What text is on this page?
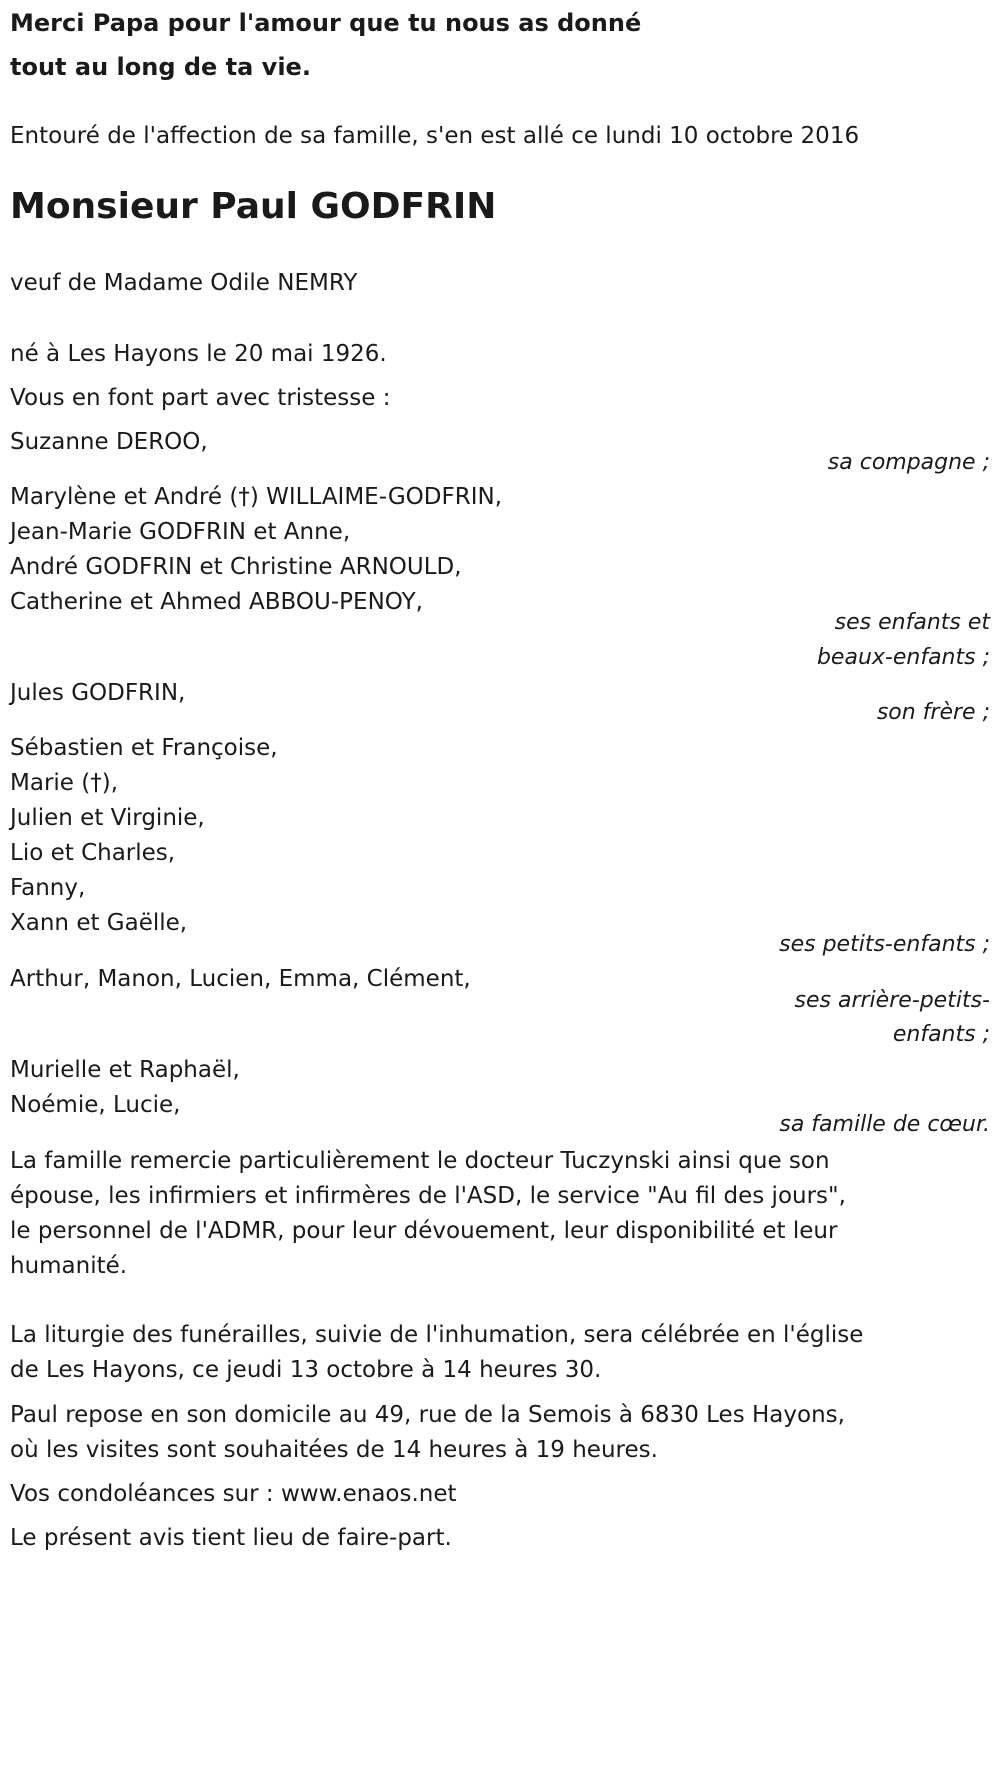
Merci Papa pour l'amour que tu nous as donné
tout au long de ta vie.
Entouré de l'affection de sa famille, s'en est allé ce lundi 10 octobre 2016
Monsieur Paul GODFRIN
veuf de Madame Odile NEMRY
né à Les Hayons le 20 mai 1926.
Vous en font part avec tristesse :
Suzanne DEROO,
sa compagne ;
Marylène et André (†) WILLAIME-GODFRIN,
Jean-Marie GODFRIN et Anne,
André GODFRIN et Christine ARNOULD,
Catherine et Ahmed ABBOU-PENOY,
ses enfants et
beaux-enfants ;
Jules GODFRIN,
son frère ;
Sébastien et Françoise,
Marie (†),
Julien et Virginie,
Lio et Charles,
Fanny,
Xann et Gaëlle,
ses petits-enfants ;
Arthur, Manon, Lucien, Emma, Clément,
ses arrière-petits-
enfants ;
Murielle et Raphaël,
Noémie, Lucie,
sa famille de cœur.
La famille remercie particulièrement le docteur Tuczynski ainsi que son
épouse, les infirmiers et infirmères de l'ASD, le service "Au fil des jours",
le personnel de l'ADMR, pour leur dévouement, leur disponibilité et leur
humanité.
La liturgie des funérailles, suivie de l'inhumation, sera célébrée en l'église
de Les Hayons, ce jeudi 13 octobre à 14 heures 30.
Paul repose en son domicile au 49, rue de la Semois à 6830 Les Hayons,
où les visites sont souhaitées de 14 heures à 19 heures.
Vos condoléances sur : www.enaos.net
Le présent avis tient lieu de faire-part.
